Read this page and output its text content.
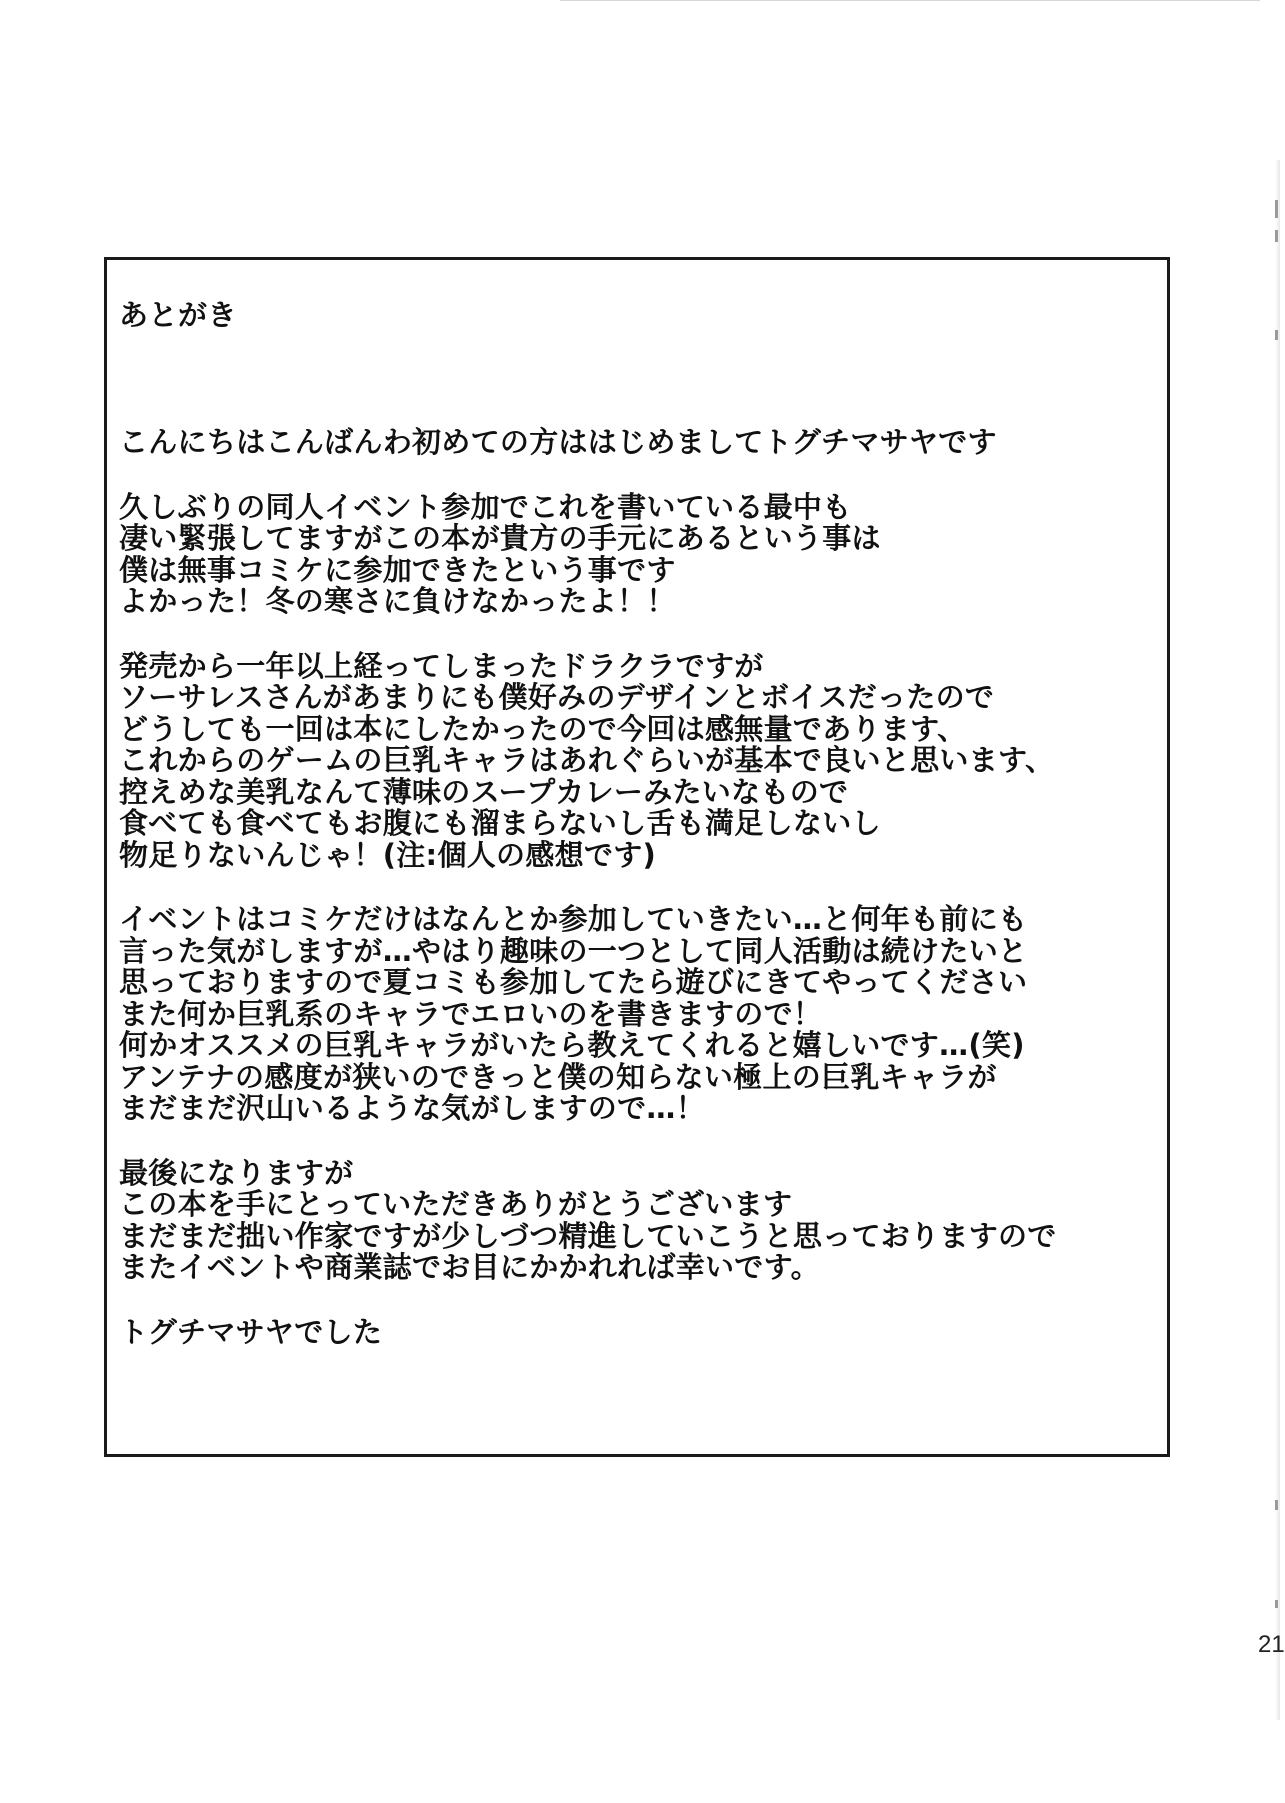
あとがき

こんにちはこんばんわ初めての方ははじめましてトグチマサヤです

久しぶりの同人イベント参加でこれを書いている最中も
凄い緊張してますがこの本が貴方の手元にあるという事は
僕は無事コミケに参加できたという事です
よかった！冬の寒さに負けなかったよ！！

発売から一年以上経ってしまったドラクラですが
ソーサレスさんがあまりにも僕好みのデザインとボイスだったので
どうしても一回は本にしたかったので今回は感無量であります、
これからのゲームの巨乳キャラはあれぐらいが基本で良いと思います、
控えめな美乳なんて薄味のスープカレーみたいなもので
食べても食べてもお腹にも溜まらないし舌も満足しないし
物足りないんじゃ！(注:個人の感想です)

イベントはコミケだけはなんとか参加していきたい…と何年も前にも
言った気がしますが…やはり趣味の一つとして同人活動は続けたいと
思っておりますので夏コミも参加してたら遊びにきてやってください
また何か巨乳系のキャラでエロいのを書きますので！
何かオススメの巨乳キャラがいたら教えてくれると嬉しいです…(笑)
アンテナの感度が狭いのできっと僕の知らない極上の巨乳キャラが
まだまだ沢山いるような気がしますので…！

最後になりますが
この本を手にとっていただきありがとうございます
まだまだ拙い作家ですが少しづつ精進していこうと思っておりますので
またイベントや商業誌でお目にかかれれば幸いです。

トグチマサヤでした

21
